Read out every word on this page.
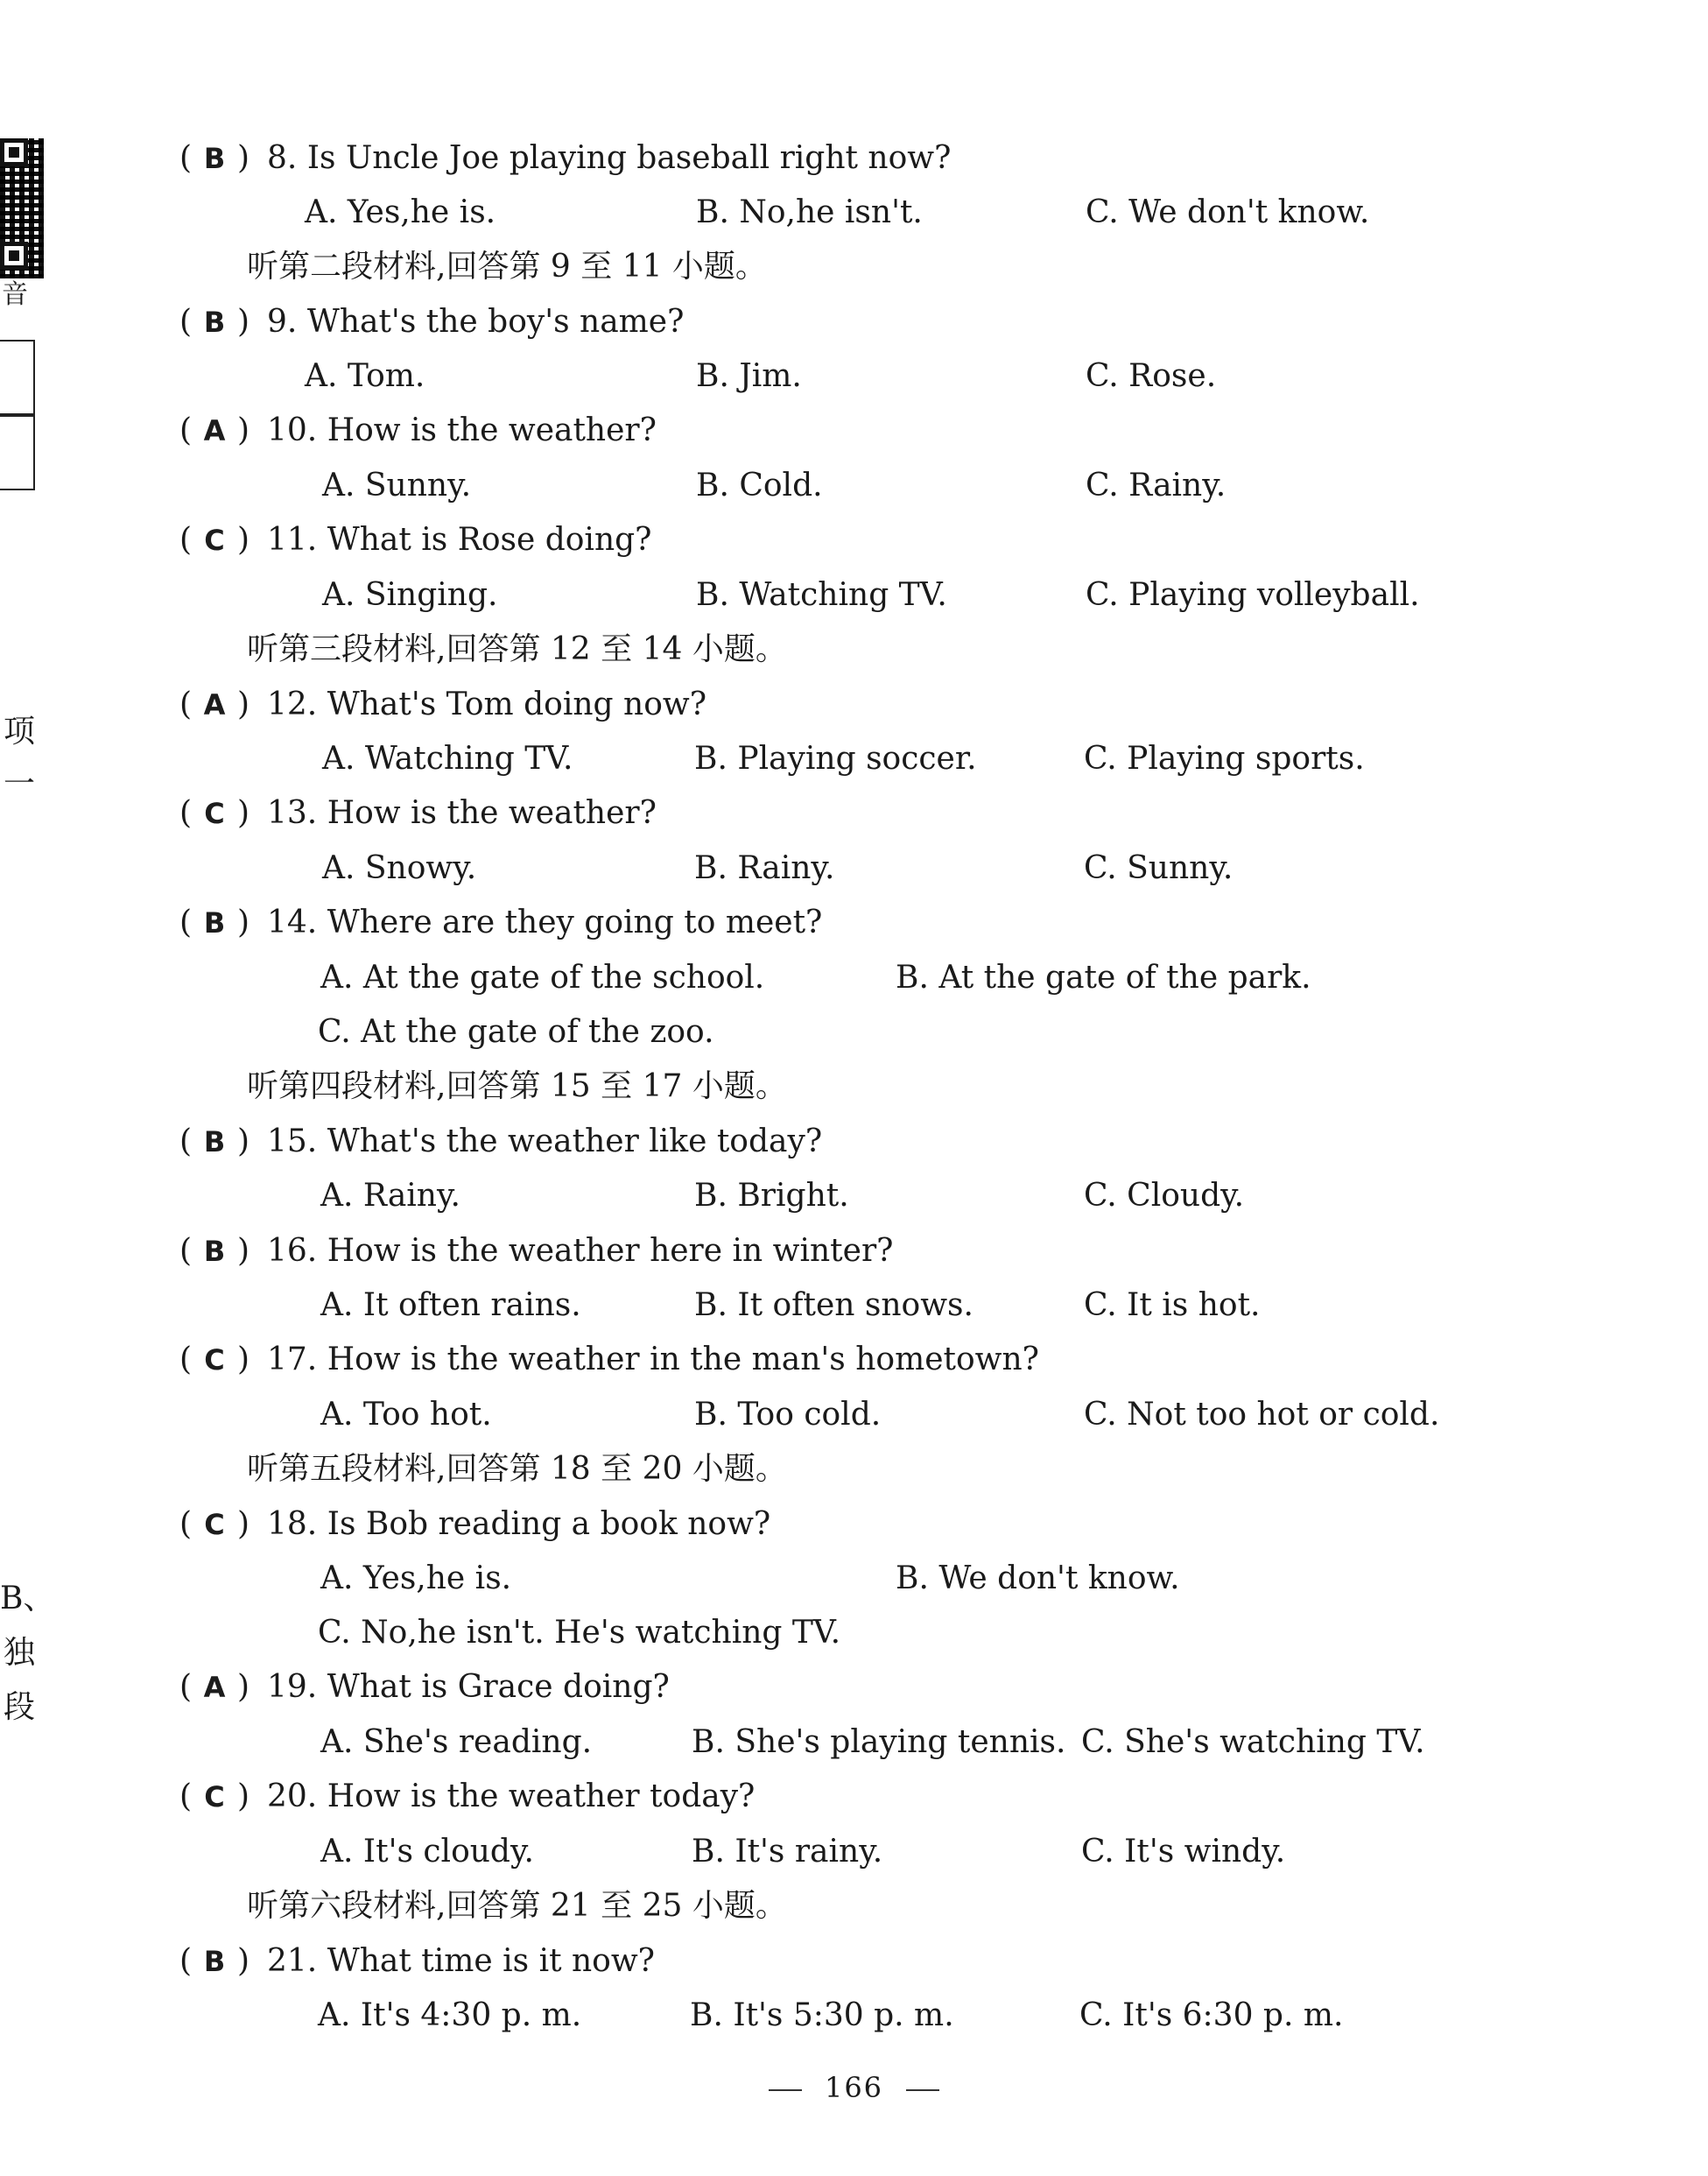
音
项
一
B、
独
段
( B ) 8. Is Uncle Joe playing baseball right now?
A. Yes,he is.	B. No,he isn't.	C. We don't know.
听第二段材料,回答第 9 至 11 小题。
( B ) 9. What's the boy's name?
A. Tom.	B. Jim.	C. Rose.
( A ) 10. How is the weather?
A. Sunny.	B. Cold.	C. Rainy.
( C ) 11. What is Rose doing?
A. Singing.	B. Watching TV.	C. Playing volleyball.
听第三段材料,回答第 12 至 14 小题。
( A ) 12. What's Tom doing now?
A. Watching TV.	B. Playing soccer.	C. Playing sports.
( C ) 13. How is the weather?
A. Snowy.	B. Rainy.	C. Sunny.
( B ) 14. Where are they going to meet?
A. At the gate of the school.	B. At the gate of the park.
C. At the gate of the zoo.
听第四段材料,回答第 15 至 17 小题。
( B ) 15. What's the weather like today?
A. Rainy.	B. Bright.	C. Cloudy.
( B ) 16. How is the weather here in winter?
A. It often rains.	B. It often snows.	C. It is hot.
( C ) 17. How is the weather in the man's hometown?
A. Too hot.	B. Too cold.	C. Not too hot or cold.
听第五段材料,回答第 18 至 20 小题。
( C ) 18. Is Bob reading a book now?
A. Yes,he is.	B. We don't know.
C. No,he isn't. He's watching TV.
( A ) 19. What is Grace doing?
A. She's reading.	B. She's playing tennis. C. She's watching TV.
( C ) 20. How is the weather today?
A. It's cloudy.	B. It's rainy.	C. It's windy.
听第六段材料,回答第 21 至 25 小题。
( B ) 21. What time is it now?
A. It's 4:30 p. m.	B. It's 5:30 p. m.	C. It's 6:30 p. m.
166
